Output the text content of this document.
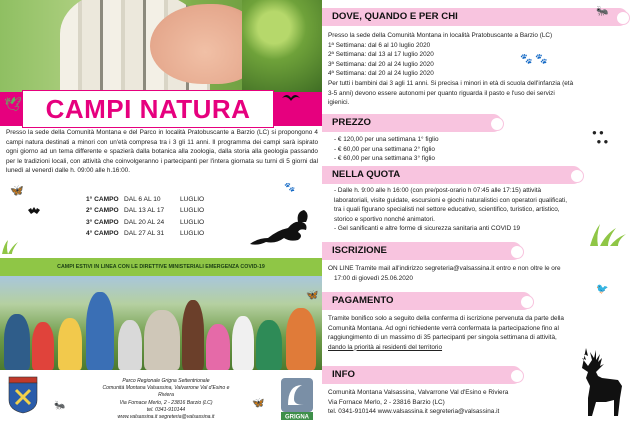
CAMPI NATURA
🕊
Presso la sede della Comunità Montana e del Parco in località Pratobuscante a Barzio (LC) si propongono 4 campi natura destinati a minori con un'età compresa tra i 3 gli 11 anni. Il programma dei campi sarà ispirato ogni giorno ad un tema differente e spazierà dalla botanica alla zoologia, dalla storia alla geologia passando per le tradizioni locali, con attività che coinvolgeranno i partecipanti per l'intera giornata su turni di 5 giorni dal lunedì al venerdì dalle h. 09:00 alle h.16:00.
🦋	🐾
1° CAMPO DAL 6 AL 10	LUGLIO
2° CAMPO DAL 13 AL 17	LUGLIO
3° CAMPO DAL 20 AL 24	LUGLIO
4° CAMPO DAL 27 AL 31	LUGLIO
CAMPI ESTIVI IN LINEA CON LE DIRETTIVE MINISTERIALI EMERGENZA COVID-19
🐜
Parco Regionale Grigna Settentrionale
Comunità Montana Valsassina, Valvarrone Val d'Esino e Riviera
Via Fornace Merlo, 2 - 23816 Barzio (LC)
tel. 0341-910144
www.valsassina.it segreteria@valsassina.it
🦋
GRIGNA
DOVE, QUANDO E PER CHI	🐜
Presso la sede della Comunità Montana in località Pratobuscante a Barzio (LC)
1ª Settimana: dal 6 al 10 luglio 2020
2ª Settimana: dal 13 al 17 luglio 2020
3ª Settimana: dal 20 al 24 luglio 2020
4ª Settimana: dal 20 al 24 luglio 2020
Per tutti i bambini dai 3 agli 11 anni. Si precisa i minori in età di scuola dell'infanzia (età
3-5 anni) devono essere autonomi per quanto riguarda il pasto e l'uso dei servizi
igienici.
🐾 🐾
PREZZO
- € 120,00 per una settimana 1° figlio
- € 60,00 per una settimana 2° figlio
- € 60,00 per una settimana 3° figlio
● ●
● ●
NELLA QUOTA
- Dalle h. 9:00 alle h 16:00 (con pre/post-orario h 07:45 alle 17:15) attività
laboratoriali, visite guidate, escursioni e giochi naturalistici con operatori qualificati,
tra i quali figurano specialisti nel settore educativo, scientifico, turistico, artistico,
storico e sportivo nonché animatori.
- Gel sanificanti e altre forme di sicurezza sanitaria anti COVID 19
ISCRIZIONE
ON LINE Tramite mail all'indirizzo segreteria@valsassina.it entro e non oltre le ore
17:00 di giovedì 25.06.2020
🐦
🦋 PAGAMENTO
Tramite bonifico solo a seguito della conferma di iscrizione pervenuta da parte della
Comunità Montana. Ad ogni richiedente verrà confermata la partecipazione fino al
raggiungimento di un massimo di 35 partecipanti per singola settimana di attività,
dando la priorità ai residenti del territorio
INFO
Comunità Montana Valsassina, Valvarrone Val d'Esino e Riviera
Via Fornace Merlo, 2 - 23816 Barzio (LC)
tel. 0341-910144 www.valsassina.it segreteria@valsassina.it
